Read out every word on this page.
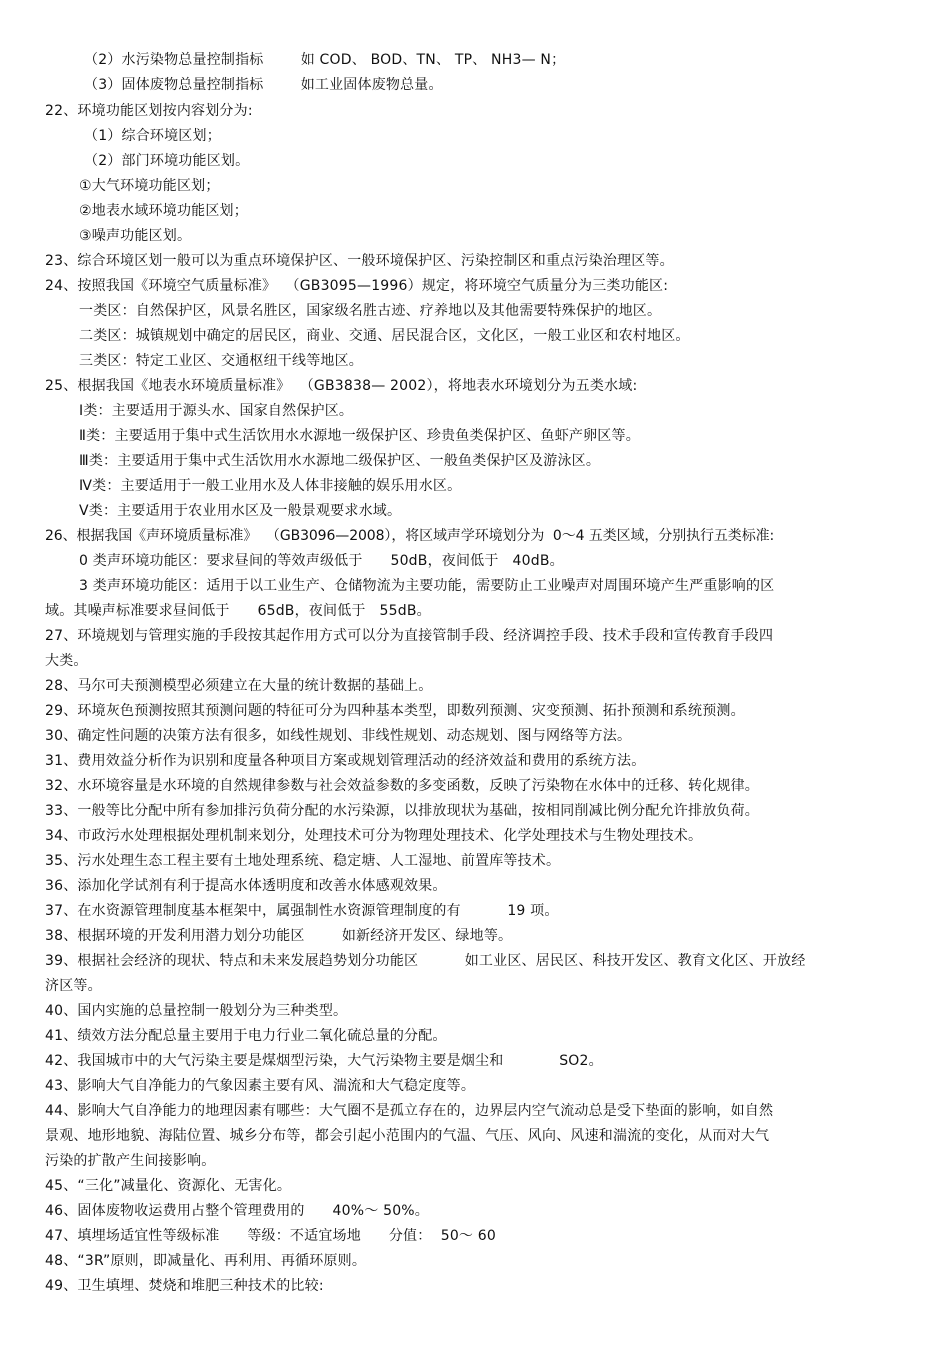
（2）水污染物总量控制指标        如 COD、 BOD、TN、 TP、 NH3— N；
（3）固体废物总量控制指标        如工业固体废物总量。
22、环境功能区划按内容划分为:
（1）综合环境区划；
（2）部门环境功能区划。
①大气环境功能区划；
②地表水域环境功能区划；
③噪声功能区划。
23、综合环境区划一般可以为重点环境保护区、一般环境保护区、污染控制区和重点污染治理区等。
24、按照我国《环境空气质量标准》  （GB3095—1996）规定，将环境空气质量分为三类功能区:
一类区：自然保护区，风景名胜区，国家级名胜古迹、疗养地以及其他需要特殊保护的地区。
二类区：城镇规划中确定的居民区，商业、交通、居民混合区，文化区，一般工业区和农村地区。
三类区：特定工业区、交通枢纽干线等地区。
25、根据我国《地表水环境质量标准》  （GB3838— 2002），将地表水环境划分为五类水域:
Ⅰ类：主要适用于源头水、国家自然保护区。
Ⅱ类：主要适用于集中式生活饮用水水源地一级保护区、珍贵鱼类保护区、鱼虾产卵区等。
Ⅲ类：主要适用于集中式生活饮用水水源地二级保护区、一般鱼类保护区及游泳区。
Ⅳ类：主要适用于一般工业用水及人体非接触的娱乐用水区。
Ⅴ类：主要适用于农业用水区及一般景观要求水域。
26、根据我国《声环境质量标准》  （GB3096—2008），将区域声学环境划分为  0～4 五类区域，分别执行五类标准:
0 类声环境功能区：要求昼间的等效声级低于      50dB，夜间低于   40dB。
3 类声环境功能区：适用于以工业生产、仓储物流为主要功能，需要防止工业噪声对周围环境产生严重影响的区
域。其噪声标准要求昼间低于      65dB，夜间低于   55dB。
27、环境规划与管理实施的手段按其起作用方式可以分为直接管制手段、经济调控手段、技术手段和宣传教育手段四
大类。
28、马尔可夫预测模型必须建立在大量的统计数据的基础上。
29、环境灰色预测按照其预测问题的特征可分为四种基本类型，即数列预测、灾变预测、拓扑预测和系统预测。
30、确定性问题的决策方法有很多，如线性规划、非线性规划、动态规划、图与网络等方法。
31、费用效益分析作为识别和度量各种项目方案或规划管理活动的经济效益和费用的系统方法。
32、水环境容量是水环境的自然规律参数与社会效益参数的多变函数，反映了污染物在水体中的迁移、转化规律。
33、一般等比分配中所有参加排污负荷分配的水污染源，以排放现状为基础，按相同削减比例分配允许排放负荷。
34、市政污水处理根据处理机制来划分，处理技术可分为物理处理技术、化学处理技术与生物处理技术。
35、污水处理生态工程主要有土地处理系统、稳定塘、人工湿地、前置库等技术。
36、添加化学试剂有利于提高水体透明度和改善水体感观效果。
37、在水资源管理制度基本框架中，属强制性水资源管理制度的有          19 项。
38、根据环境的开发利用潜力划分功能区        如新经济开发区、绿地等。
39、根据社会经济的现状、特点和未来发展趋势划分功能区          如工业区、居民区、科技开发区、教育文化区、开放经
济区等。
40、国内实施的总量控制一般划分为三种类型。
41、绩效方法分配总量主要用于电力行业二氧化硫总量的分配。
42、我国城市中的大气污染主要是煤烟型污染，大气污染物主要是烟尘和            SO2。
43、影响大气自净能力的气象因素主要有风、湍流和大气稳定度等。
44、影响大气自净能力的地理因素有哪些：大气圈不是孤立存在的，边界层内空气流动总是受下垫面的影响，如自然
景观、地形地貌、海陆位置、城乡分布等，都会引起小范围内的气温、气压、风向、风速和湍流的变化，从而对大气
污染的扩散产生间接影响。
45、“三化”减量化、资源化、无害化。
46、固体废物收运费用占整个管理费用的      40%～ 50%。
47、填埋场适宜性等级标准      等级：不适宜场地      分值：  50～ 60
48、“3R”原则，即减量化、再利用、再循环原则。
49、卫生填埋、焚烧和堆肥三种技术的比较:
